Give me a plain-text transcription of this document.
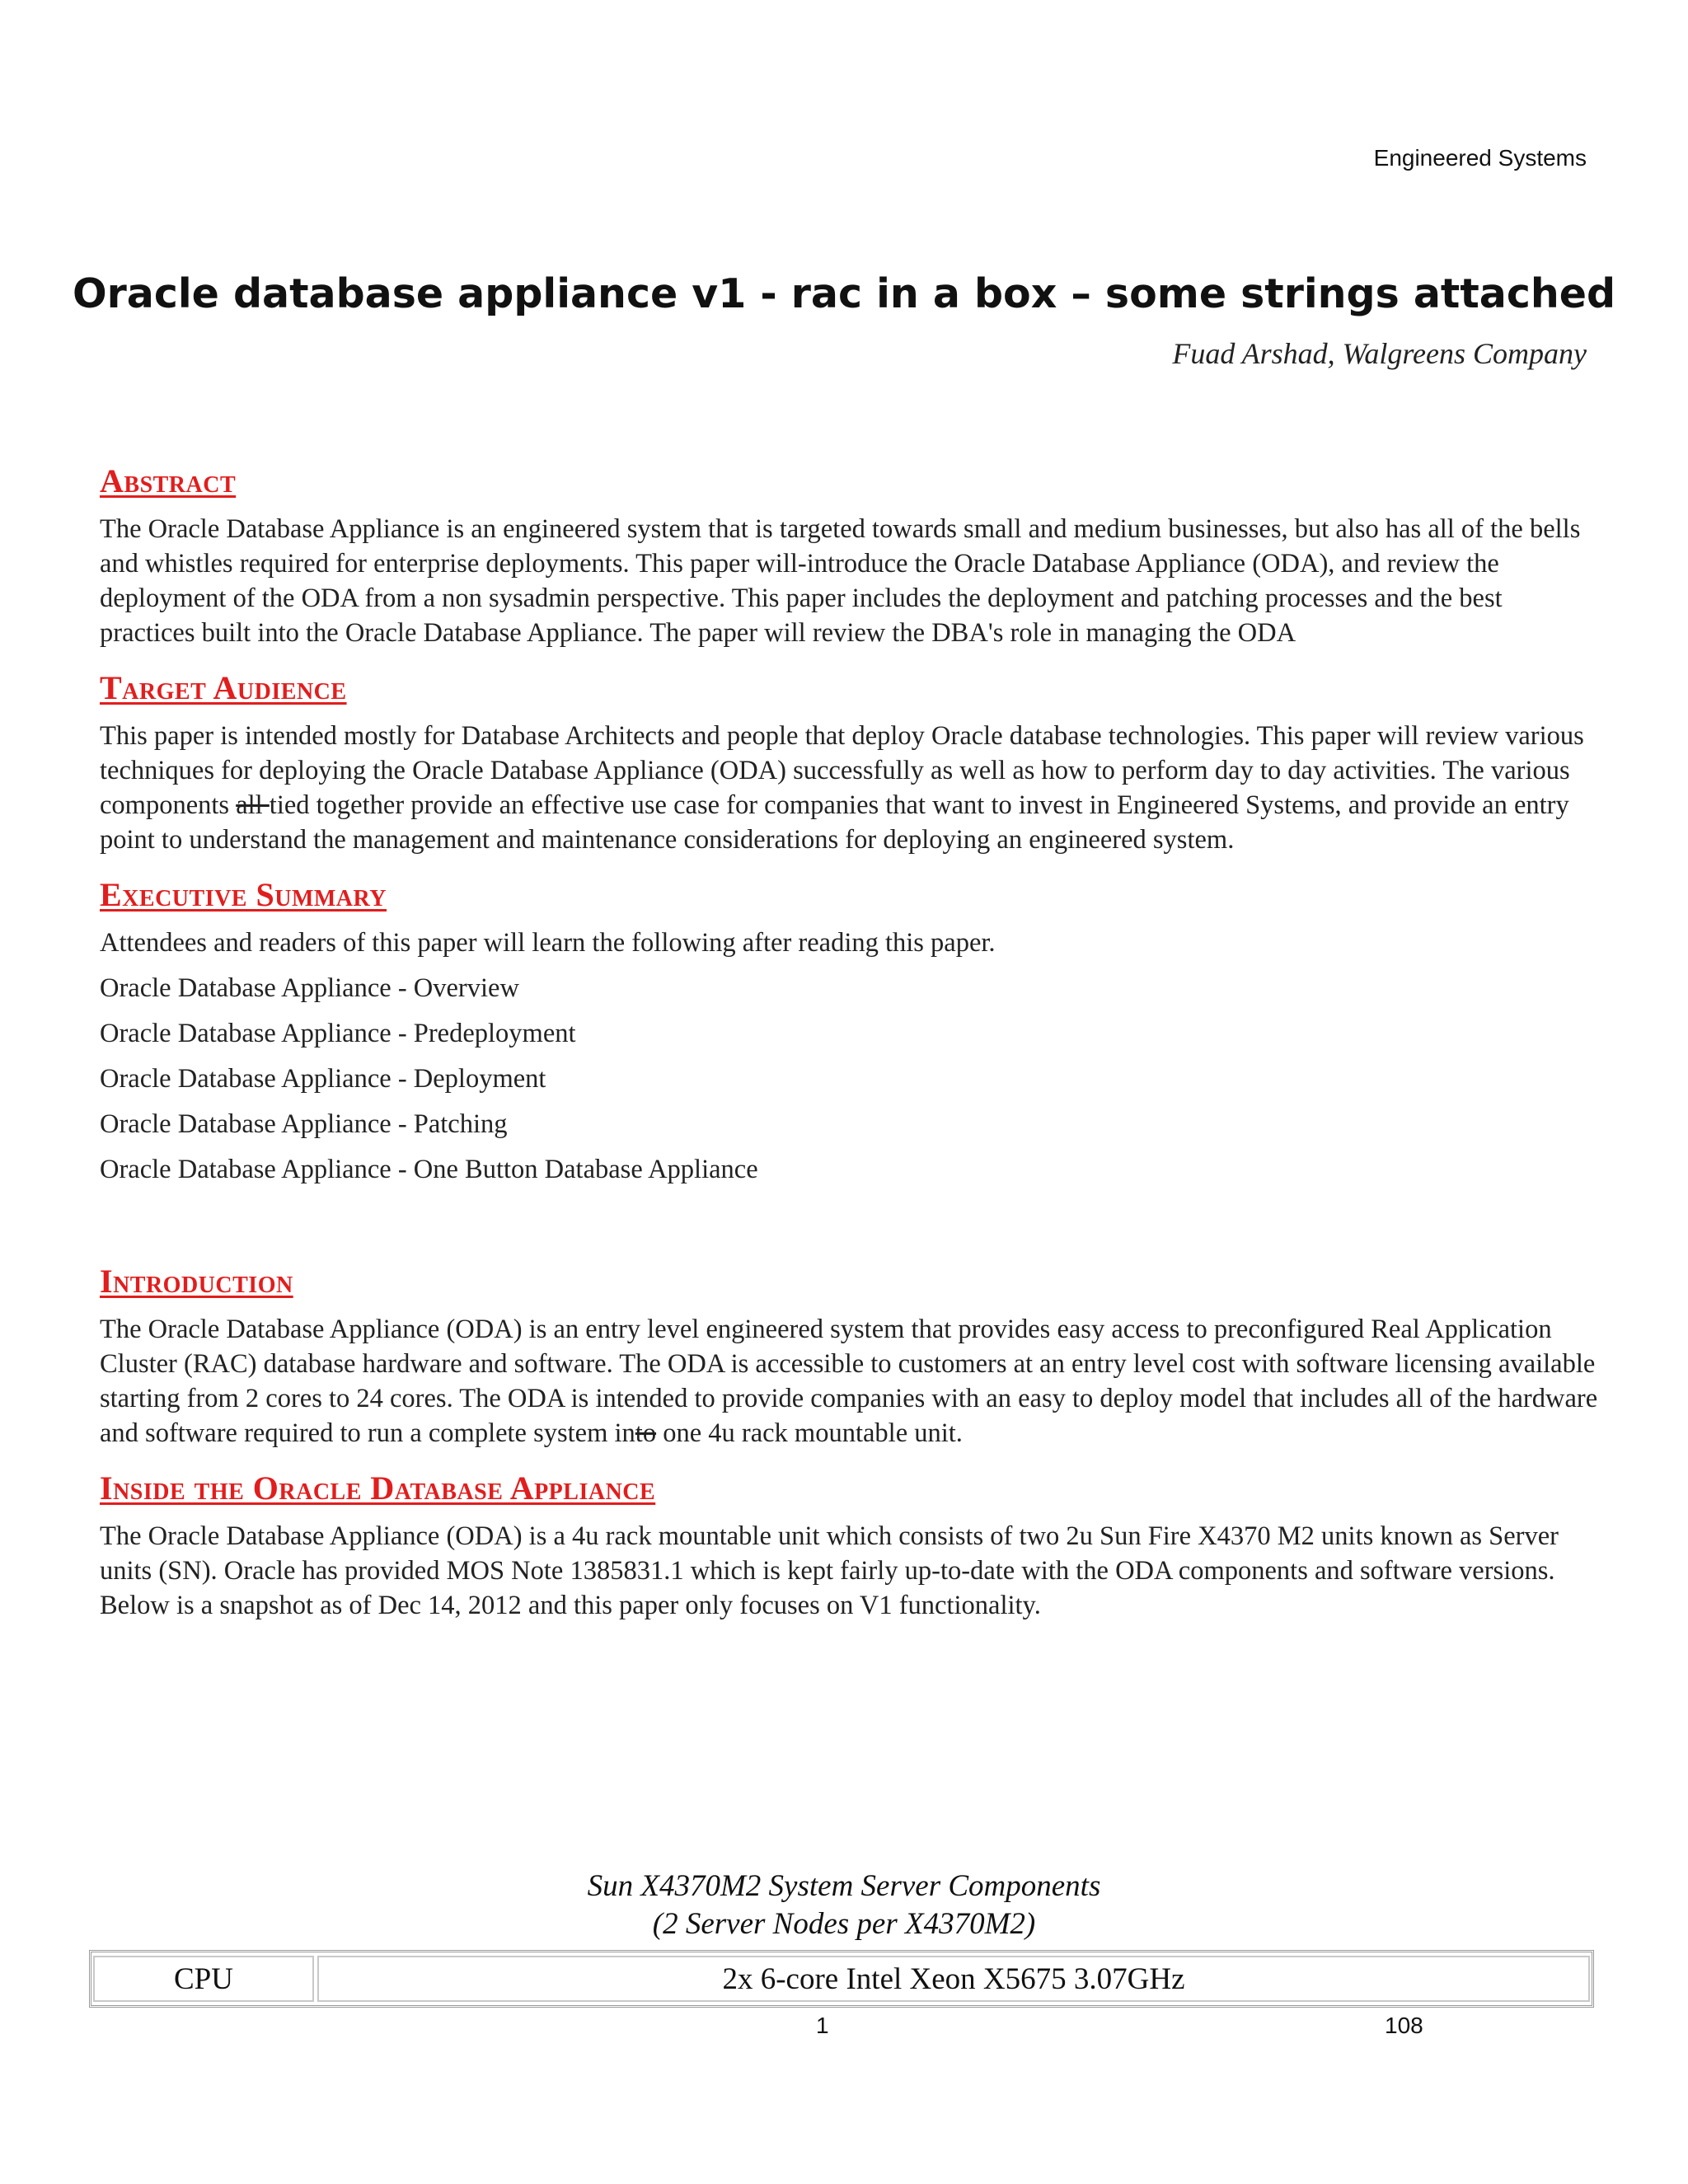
Engineered Systems
Oracle database appliance v1 - rac in a box – some strings attached
Fuad Arshad, Walgreens Company
Abstract

The Oracle Database Appliance is an engineered system that is targeted towards small and medium businesses, but also has all of the bells and whistles required for enterprise deployments. This paper will-introduce the Oracle Database Appliance (ODA), and review the deployment of the ODA from a non sysadmin perspective. This paper includes the deployment and patching processes and the best practices built into the Oracle Database Appliance. The paper will review the DBA's role in managing the ODA

Target Audience

This paper is intended mostly for Database Architects and people that deploy Oracle database technologies. This paper will review various techniques for deploying the Oracle Database Appliance (ODA) successfully as well as how to perform day to day activities. The various components all tied together provide an effective use case for companies that want to invest in Engineered Systems, and provide an entry point to understand the management and maintenance considerations for deploying an engineered system.

Executive Summary

Attendees and readers of this paper will learn the following after reading this paper.

Oracle Database Appliance - Overview

Oracle Database Appliance - Predeployment

Oracle Database Appliance - Deployment

Oracle Database Appliance - Patching

Oracle Database Appliance - One Button Database Appliance

Introduction

The Oracle Database Appliance (ODA) is an entry level engineered system that provides easy access to preconfigured Real Application Cluster (RAC) database hardware and software. The ODA is accessible to customers at an entry level cost with software licensing available starting from 2 cores to 24 cores. The ODA is intended to provide companies with an easy to deploy model that includes all of the hardware and software required to run a complete system into one 4u rack mountable unit.

Inside the Oracle Database Appliance

The Oracle Database Appliance (ODA) is a 4u rack mountable unit which consists of two 2u Sun Fire X4370 M2 units known as Server units (SN). Oracle has provided MOS Note 1385831.1 which is kept fairly up-to-date with the ODA components and software versions. Below is a snapshot as of Dec 14, 2012 and this paper only focuses on V1 functionality.

Sun X4370M2 System Server Components
(2 Server Nodes per X4370M2)
CPU	2x 6-core Intel Xeon X5675 3.07GHz
1	108
